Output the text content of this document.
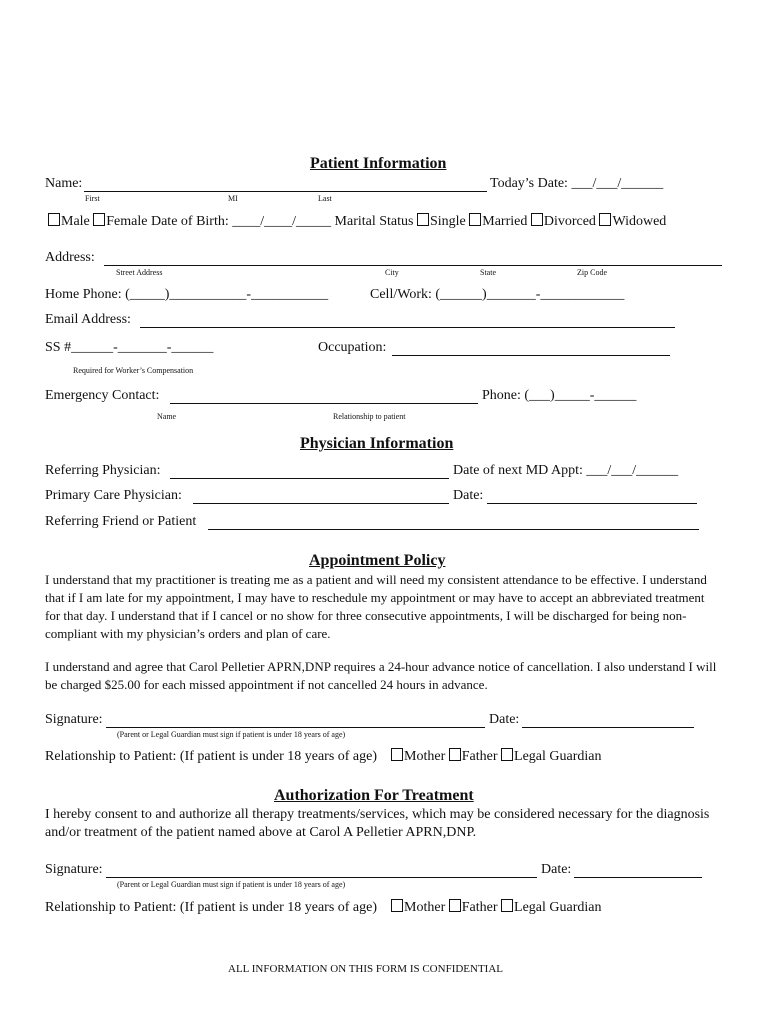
Patient Information
Name:	Today’s Date: ___/___/______
First	MI	Last
Male Female Date of Birth: ____/____/_____ Marital Status Single Married Divorced Widowed
Address:
Street Address	City	State	Zip Code
Home Phone: (_____)___________-___________	Cell/Work: (______)_______-____________
Email Address:
SS #______-_______-______	Occupation:
Required for Worker’s Compensation
Emergency Contact:	Phone: (___)_____-______
Name	Relationship to patient
Physician Information
Referring Physician:	Date of next MD Appt: ___/___/______
Primary Care Physician:	Date:
Referring Friend or Patient
Appointment Policy
I understand that my practitioner is treating me as a patient and will need my consistent attendance to be effective. I understand that if I am late for my appointment, I may have to reschedule my appointment or may have to accept an abbreviated treatment for that day. I understand that if I cancel or no show for three consecutive appointments, I will be discharged for being non-compliant with my physician’s orders and plan of care.
I understand and agree that Carol Pelletier APRN,DNP requires a 24-hour advance notice of cancellation. I also understand I will be charged $25.00 for each missed appointment if not cancelled 24 hours in advance.
Signature:	Date:
(Parent or Legal Guardian must sign if patient is under 18 years of age)
Relationship to Patient: (If patient is under 18 years of age) Mother Father Legal Guardian
Authorization For Treatment
I hereby consent to and authorize all therapy treatments/services, which may be considered necessary for the diagnosis and/or treatment of the patient named above at Carol A Pelletier APRN,DNP.
Signature:	Date:
(Parent or Legal Guardian must sign if patient is under 18 years of age)
Relationship to Patient: (If patient is under 18 years of age) Mother Father Legal Guardian
ALL INFORMATION ON THIS FORM IS CONFIDENTIAL
